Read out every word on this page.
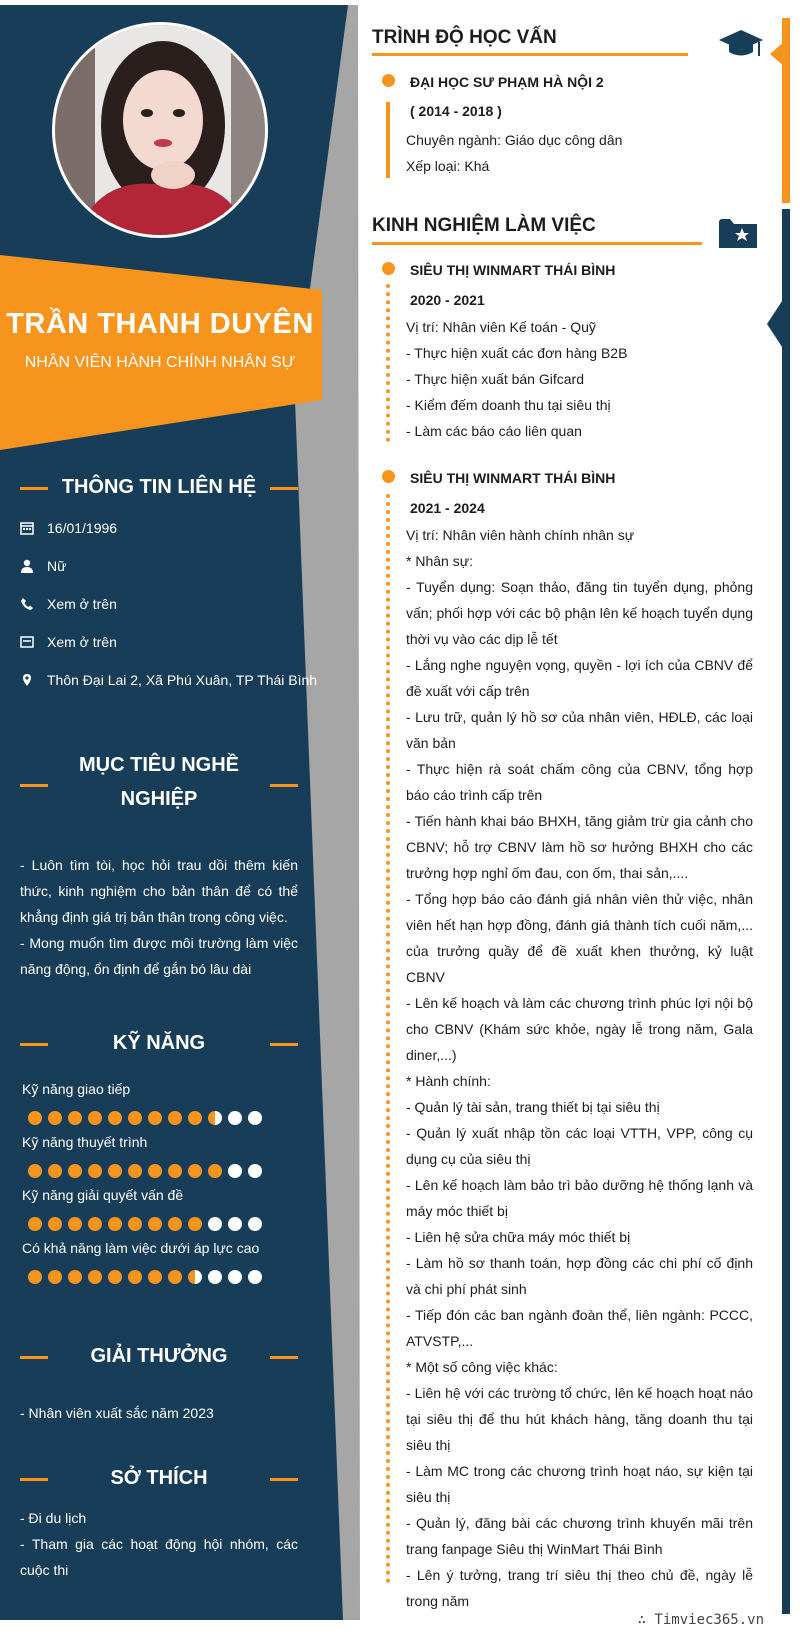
TRẦN THANH DUYÊN
NHÂN VIÊN HÀNH CHÍNH NHÂN SỰ
THÔNG TIN LIÊN HỆ
16/01/1996
Nữ
Xem ở trên
Xem ở trên
Thôn Đại Lai 2, Xã Phú Xuân, TP Thái Bình
MỤC TIÊU NGHỀ
NGHIỆP
- Luôn tìm tòi, học hỏi trau dồi thêm kiến thức, kinh nghiệm cho bản thân để có thể khẳng định giá trị bản thân trong công việc.
- Mong muốn tìm được môi trường làm việc năng động, ổn định để gắn bó lâu dài
KỸ NĂNG
Kỹ năng giao tiếp
Kỹ năng thuyết trình
Kỹ năng giải quyết vấn đề
Có khả năng làm việc dưới áp lực cao
GIẢI THƯỞNG
- Nhân viên xuất sắc năm 2023
SỞ THÍCH
- Đi du lịch
- Tham gia các hoạt động hội nhóm, các cuộc thi
TRÌNH ĐỘ HỌC VẤN
ĐẠI HỌC SƯ PHẠM HÀ NỘI 2
( 2014 - 2018 )
Chuyên ngành: Giáo dục công dân
Xếp loại: Khá
KINH NGHIỆM LÀM VIỆC
SIÊU THỊ WINMART THÁI BÌNH
2020 - 2021
Vị trí: Nhân viên Kế toán - Quỹ
- Thực hiện xuất các đơn hàng B2B
- Thực hiện xuất bán Gifcard
- Kiểm đếm doanh thu tại siêu thị
- Làm các báo cáo liên quan
SIÊU THỊ WINMART THÁI BÌNH
2021 - 2024
Vị trí: Nhân viên hành chính nhân sự
* Nhân sự:
- Tuyển dụng: Soạn thảo, đăng tin tuyển dụng, phỏng vấn; phối hợp với các bộ phận lên kế hoạch tuyển dụng thời vụ vào các dịp lễ tết
- Lắng nghe nguyện vọng, quyền - lợi ích của CBNV để đề xuất với cấp trên
- Lưu trữ, quản lý hồ sơ của nhân viên, HĐLĐ, các loại văn bản
- Thực hiện rà soát chấm công của CBNV, tổng hợp báo cáo trình cấp trên
- Tiến hành khai báo BHXH, tăng giảm trừ gia cảnh cho CBNV; hỗ trợ CBNV làm hồ sơ hưởng BHXH cho các trưởng hợp nghỉ ốm đau, con ốm, thai sản,....
- Tổng hợp báo cáo đánh giá nhân viên thử việc, nhân viên hết hạn hợp đồng, đánh giá thành tích cuối năm,... của trưởng quầy để đề xuất khen thưởng, kỷ luật CBNV
- Lên kế hoạch và làm các chương trình phúc lợi nội bộ cho CBNV (Khám sức khỏe, ngày lễ trong năm, Gala diner,...)
* Hành chính:
- Quản lý tài sản, trang thiết bị tại siêu thị
- Quản lý xuất nhập tồn các loại VTTH, VPP, công cụ dụng cụ của siêu thị
- Lên kế hoạch làm bảo trì bảo dưỡng hệ thống lạnh và máy móc thiết bị
- Liên hệ sửa chữa máy móc thiết bị
- Làm hồ sơ thanh toán, hợp đồng các chi phí cố định và chi phí phát sinh
- Tiếp đón các ban ngành đoàn thể, liên ngành: PCCC, ATVSTP,...
* Một số công việc khác:
- Liên hệ với các trường tổ chức, lên kế hoạch hoạt náo tại siêu thị để thu hút khách hàng, tăng doanh thu tại siêu thị
- Làm MC trong các chương trình hoạt náo, sự kiện tại siêu thị
- Quản lý, đăng bài các chương trình khuyến mãi trên trang fanpage Siêu thị WinMart Thái Bình
- Lên ý tưởng, trang trí siêu thị theo chủ đề, ngày lễ trong năm
∴ Timviec365.vn
